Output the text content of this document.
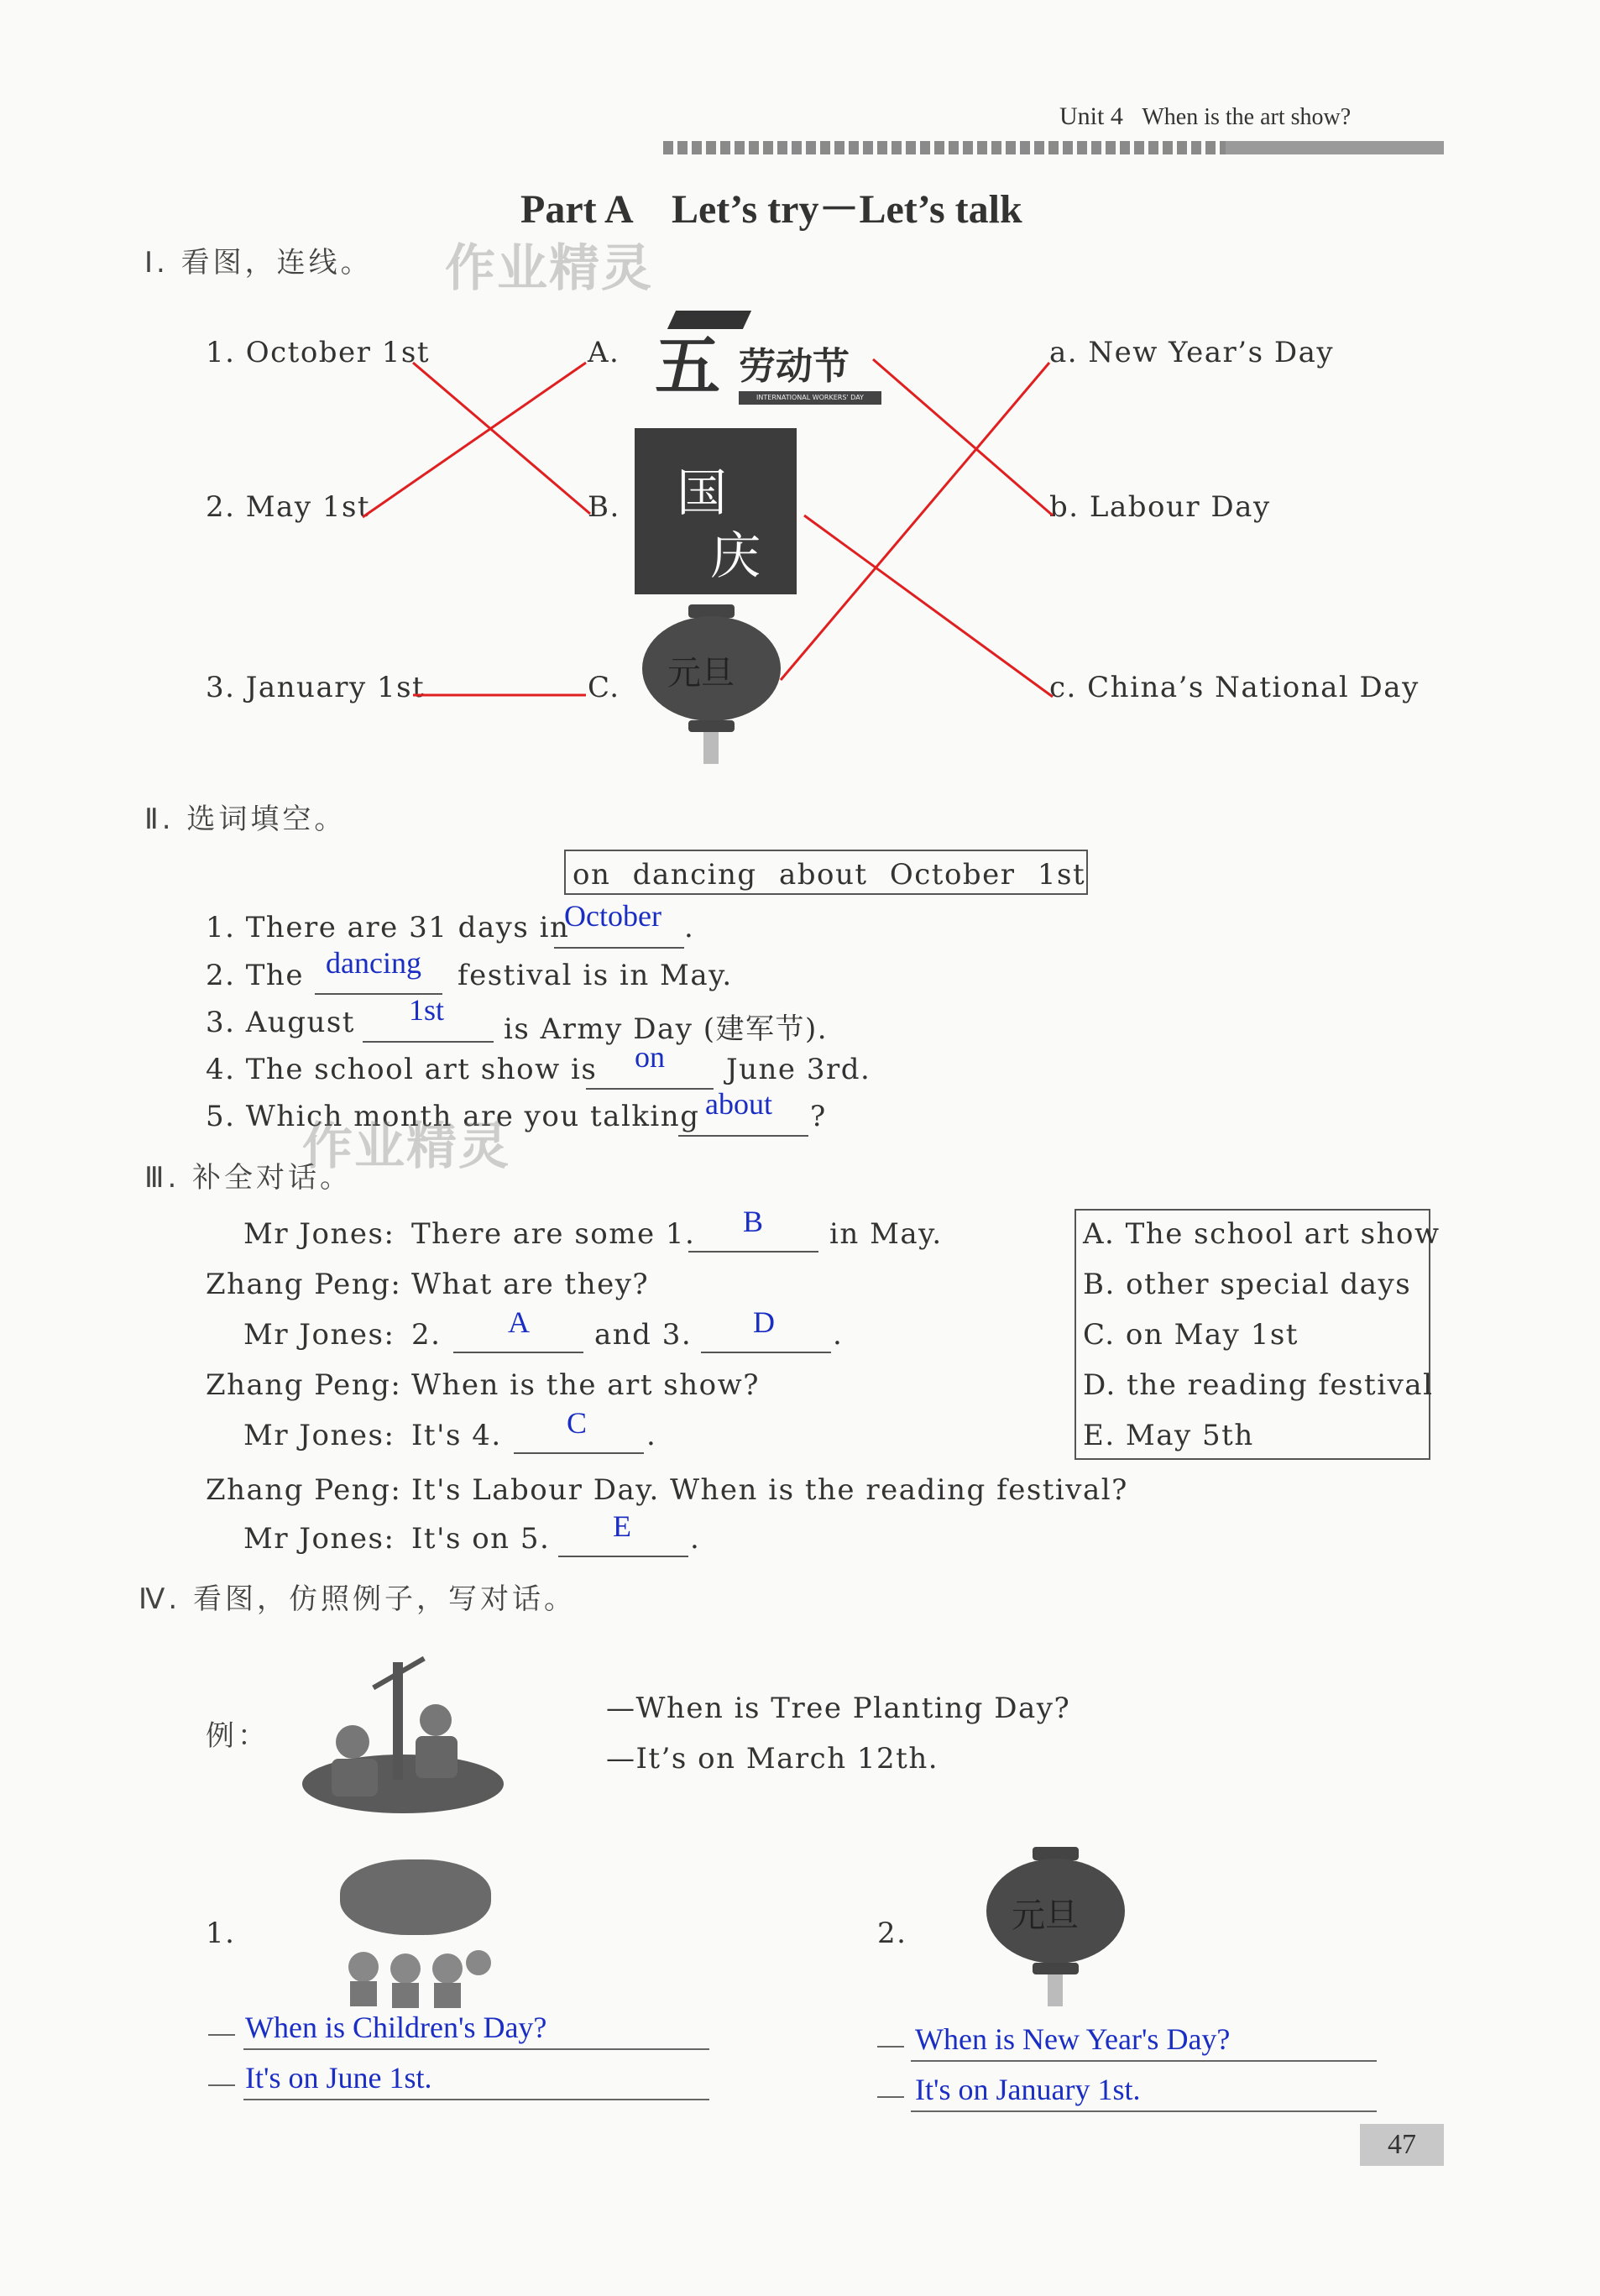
Unit 4 When is the art show?
Part A　Let’s try－Let’s talk
Ⅰ. 看图，连线。 作业精灵
1. October 1st
2. May 1st
3. January 1st
A.
B.
C.
a. New Year’s Day
b. Labour Day
c. China’s National Day
五 劳动节
INTERNATIONAL WORKERS' DAY
国
庆
元旦
Ⅱ. 选词填空。
on dancing about October 1st
1. There are 31 days in
October .
2. The dancing festival is in May.
3. August 1st
is Army Day (建军节).
4. The school art show is on June 3rd.
5. Which month are you talking about ?
Ⅲ. 补全对话。
作业精灵
A. The school art show
B. other special days
C. on May 1st
D. the reading festival
E. May 5th
Mr Jones: There are some 1. B in May.
Zhang Peng: What are they?
Mr Jones: 2. A and 3. D .
Zhang Peng: When is the art show?
Mr Jones: It's 4. C .
Zhang Peng: It's Labour Day. When is the reading festival?
Mr Jones: It's on 5. E .
Ⅳ. 看图，仿照例子，写对话。
例：
—When is Tree Planting Day?
—It’s on March 12th.
1.
When is Children's Day?
It's on June 1st.
2.	元旦
When is New Year's Day?
It's on January 1st.
47
